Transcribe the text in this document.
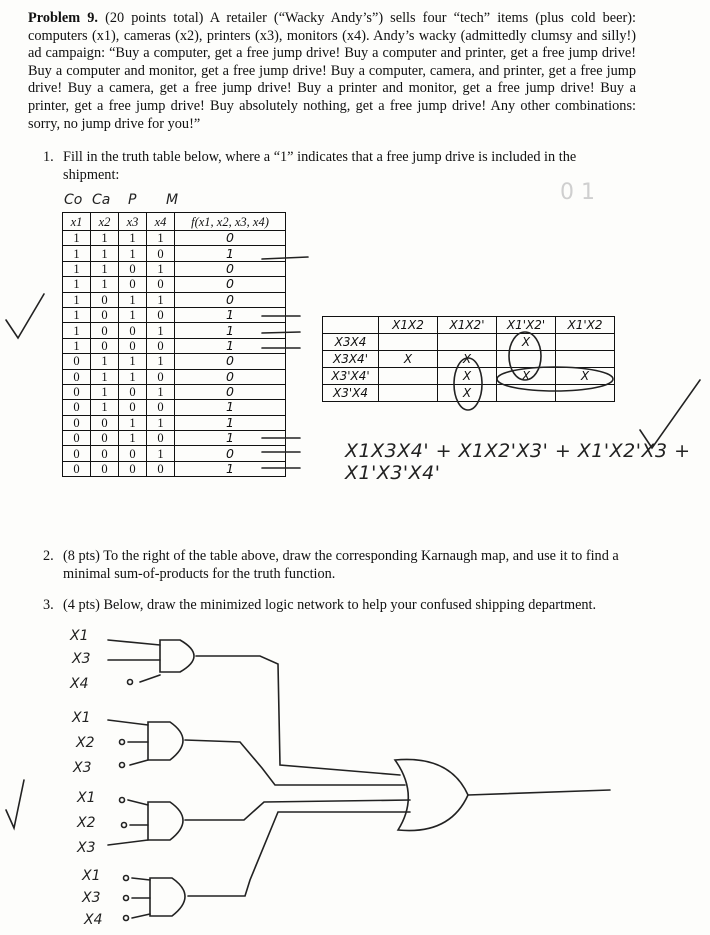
0 1
Problem 9. (20 points total) A retailer (“Wacky Andy’s”) sells four “tech” items (plus cold beer): computers (x1), cameras (x2), printers (x3), monitors (x4). Andy’s wacky (admittedly clumsy and silly!) ad campaign: “Buy a computer, get a free jump drive! Buy a computer and printer, get a free jump drive! Buy a computer and monitor, get a free jump drive! Buy a computer, camera, and printer, get a free jump drive! Buy a camera, get a free jump drive! Buy a printer and monitor, get a free jump drive! Buy a printer, get a free jump drive! Buy absolutely nothing, get a free jump drive! Any other combinations: sorry, no jump drive for you!”
1. Fill in the truth table below, where a “1” indicates that a free jump drive is included in the shipment:
Co Ca P M
x1	x2	x3	x4	f(x1, x2, x3, x4)
1	1	1	1	0
1	1	1	0	1
1	1	0	1	0
1	1	0	0	0
1	0	1	1	0
1	0	1	0	1
1	0	0	1	1
1	0	0	0	1
0	1	1	1	0
0	1	1	0	0
0	1	0	1	0
0	1	0	0	1
0	0	1	1	1
0	0	1	0	1
0	0	0	1	0
0	0	0	0	1
	X1X2	X1X2'	X1'X2'	X1'X2
X3X4			X	
X3X4'	X	X		
X3'X4'		X	X	X
X3'X4		X		
X1X3X4' + X1X2'X3' + X1'X2'X3 + X1'X3'X4'
2. (8 pts) To the right of the table above, draw the corresponding Karnaugh map, and use it to find a minimal sum-of-products for the truth function.
3. (4 pts) Below, draw the minimized logic network to help your confused shipping department.
X1
X3
X4
X1
X2
X3
X1
X2
X3
X1
X3
X4
